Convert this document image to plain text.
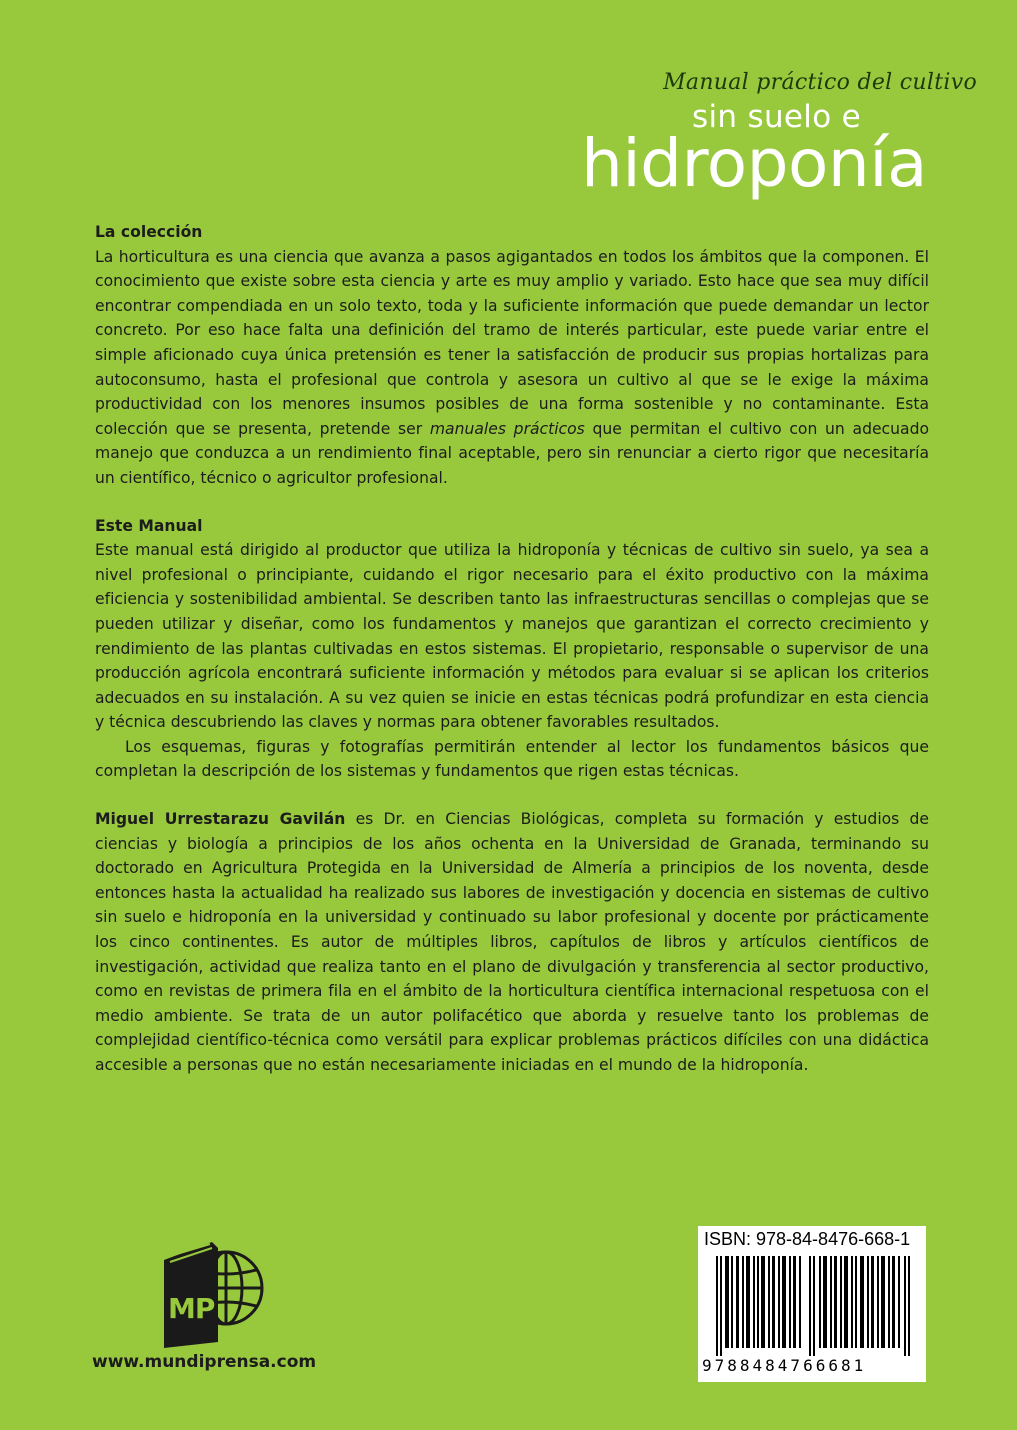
Manual práctico del cultivo
sin suelo e
hidroponía
La colección

La horticultura es una ciencia que avanza a pasos agigantados en todos los ámbitos que la componen. El conocimiento que existe sobre esta ciencia y arte es muy amplio y variado. Esto hace que sea muy difícil encontrar compendiada en un solo texto, toda y la suficiente información que puede demandar un lector concreto. Por eso hace falta una definición del tramo de interés particular, este puede variar entre el simple aficionado cuya única pretensión es tener la satisfacción de producir sus propias hortalizas para autoconsumo, hasta el profesional que controla y asesora un cultivo al que se le exige la máxima productividad con los menores insumos posibles de una forma sostenible y no contaminante. Esta colección que se presenta, pretende ser manuales prácticos que permitan el cultivo con un adecuado manejo que conduzca a un rendimiento final aceptable, pero sin renunciar a cierto rigor que necesitaría un científico, técnico o agricultor profesional.

Este Manual

Este manual está dirigido al productor que utiliza la hidroponía y técnicas de cultivo sin suelo, ya sea a nivel profesional o principiante, cuidando el rigor necesario para el éxito productivo con la máxima eficiencia y sostenibilidad ambiental. Se describen tanto las infraestructuras sencillas o complejas que se pueden utilizar y diseñar, como los fundamentos y manejos que garantizan el correcto crecimiento y rendimiento de las plantas cultivadas en estos sistemas. El propietario, responsable o supervisor de una producción agrícola encontrará suficiente información y métodos para evaluar si se aplican los criterios adecuados en su instalación. A su vez quien se inicie en estas técnicas podrá profundizar en esta ciencia y técnica descubriendo las claves y normas para obtener favorables resultados.

Los esquemas, figuras y fotografías permitirán entender al lector los fundamentos básicos que completan la descripción de los sistemas y fundamentos que rigen estas técnicas.

Miguel Urrestarazu Gavilán es Dr. en Ciencias Biológicas, completa su formación y estudios de ciencias y biología a principios de los años ochenta en la Universidad de Granada, terminando su doctorado en Agricultura Protegida en la Universidad de Almería a principios de los noventa, desde entonces hasta la actualidad ha realizado sus labores de investigación y docencia en sistemas de cultivo sin suelo e hidroponía en la universidad y continuado su labor profesional y docente por prácticamente los cinco continentes. Es autor de múltiples libros, capítulos de libros y artículos científicos de investigación, actividad que realiza tanto en el plano de divulgación y transferencia al sector productivo, como en revistas de primera fila en el ámbito de la horticultura científica internacional respetuosa con el medio ambiente. Se trata de un autor polifacético que aborda y resuelve tanto los problemas de complejidad científico-técnica como versátil para explicar problemas prácticos difíciles con una didáctica accesible a personas que no están necesariamente iniciadas en el mundo de la hidroponía.

MP
www.mundiprensa.com
ISBN: 978-84-8476-668-1
9788484766681
